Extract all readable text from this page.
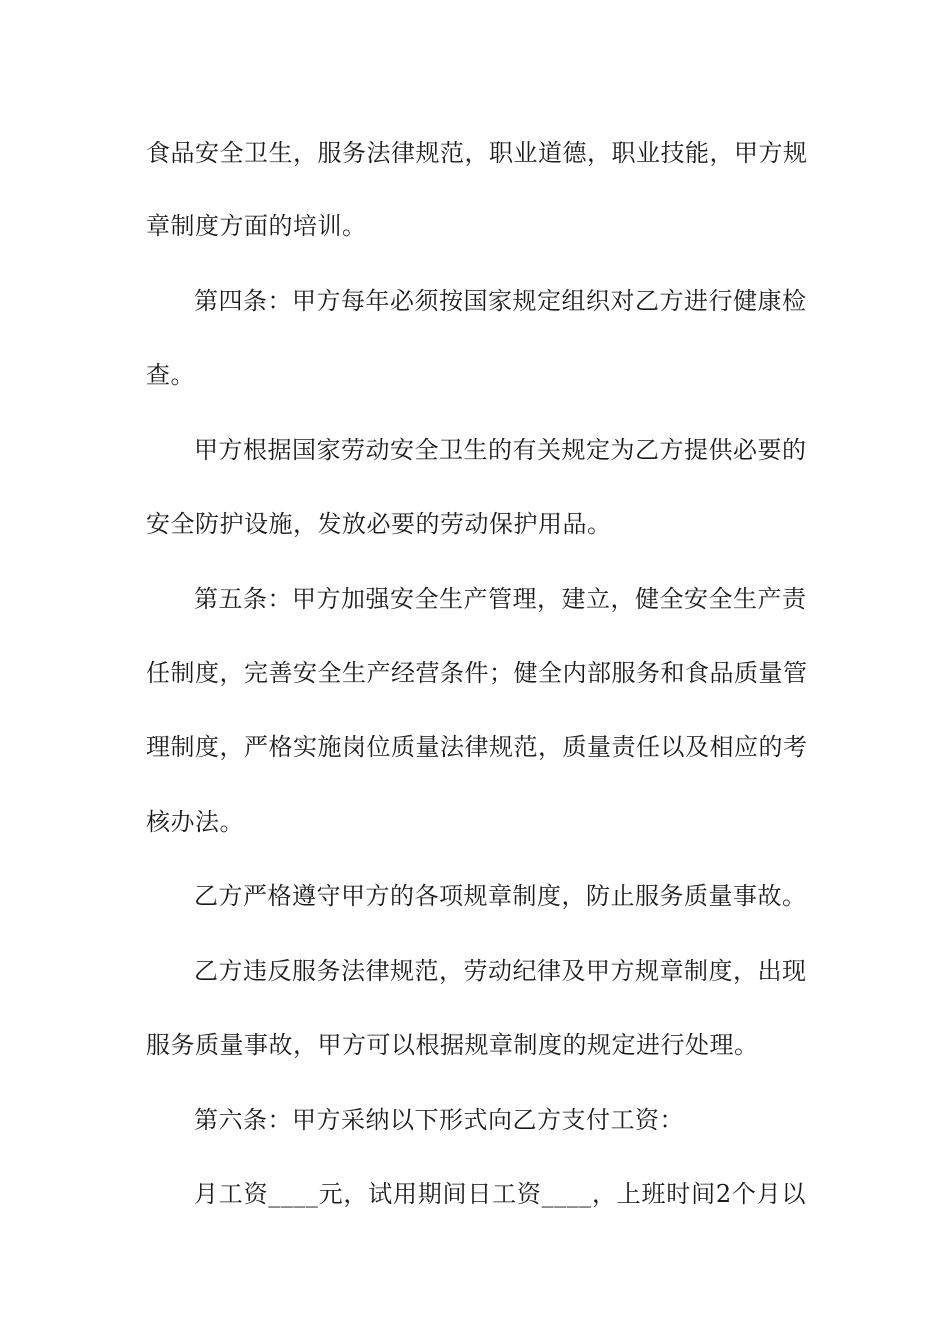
食品安全卫生，服务法律规范，职业道德，职业技能，甲方规
章制度方面的培训。
第四条：甲方每年必须按国家规定组织对乙方进行健康检
查。
甲方根据国家劳动安全卫生的有关规定为乙方提供必要的
安全防护设施，发放必要的劳动保护用品。
第五条：甲方加强安全生产管理，建立，健全安全生产责
任制度，完善安全生产经营条件；健全内部服务和食品质量管
理制度，严格实施岗位质量法律规范，质量责任以及相应的考
核办法。
乙方严格遵守甲方的各项规章制度，防止服务质量事故。
乙方违反服务法律规范，劳动纪律及甲方规章制度，出现
服务质量事故，甲方可以根据规章制度的规定进行处理。
第六条：甲方采纳以下形式向乙方支付工资：
月工资____元，试用期间日工资____，上班时间2个月以
